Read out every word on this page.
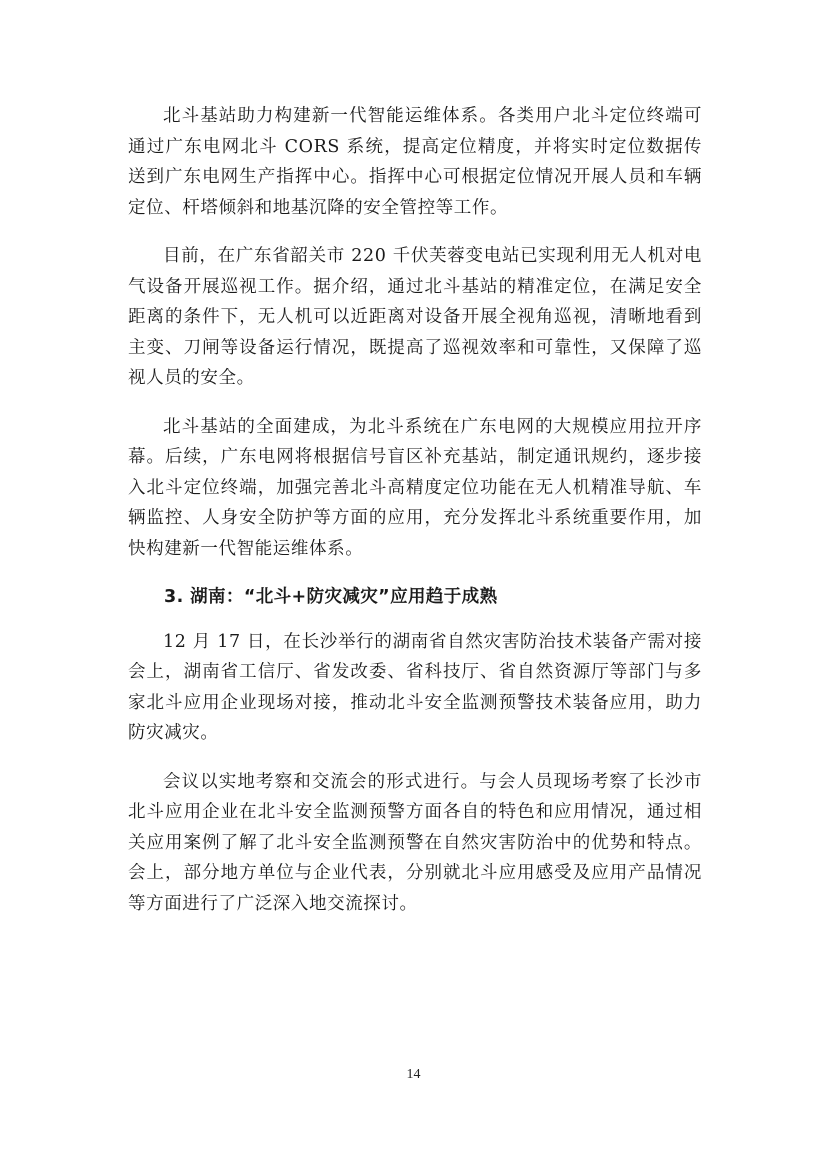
北斗基站助力构建新一代智能运维体系。各类用户北斗定位终端可通过广东电网北斗 CORS 系统，提高定位精度，并将实时定位数据传送到广东电网生产指挥中心。指挥中心可根据定位情况开展人员和车辆定位、杆塔倾斜和地基沉降的安全管控等工作。

目前，在广东省韶关市 220 千伏芙蓉变电站已实现利用无人机对电气设备开展巡视工作。据介绍，通过北斗基站的精准定位，在满足安全距离的条件下，无人机可以近距离对设备开展全视角巡视，清晰地看到主变、刀闸等设备运行情况，既提高了巡视效率和可靠性，又保障了巡视人员的安全。

北斗基站的全面建成，为北斗系统在广东电网的大规模应用拉开序幕。后续，广东电网将根据信号盲区补充基站，制定通讯规约，逐步接入北斗定位终端，加强完善北斗高精度定位功能在无人机精准导航、车辆监控、人身安全防护等方面的应用，充分发挥北斗系统重要作用，加快构建新一代智能运维体系。

3. 湖南：“北斗+防灾减灾”应用趋于成熟

12 月 17 日，在长沙举行的湖南省自然灾害防治技术装备产需对接会上，湖南省工信厅、省发改委、省科技厅、省自然资源厅等部门与多家北斗应用企业现场对接，推动北斗安全监测预警技术装备应用，助力防灾减灾。

会议以实地考察和交流会的形式进行。与会人员现场考察了长沙市北斗应用企业在北斗安全监测预警方面各自的特色和应用情况，通过相关应用案例了解了北斗安全监测预警在自然灾害防治中的优势和特点。会上，部分地方单位与企业代表，分别就北斗应用感受及应用产品情况等方面进行了广泛深入地交流探讨。

14
